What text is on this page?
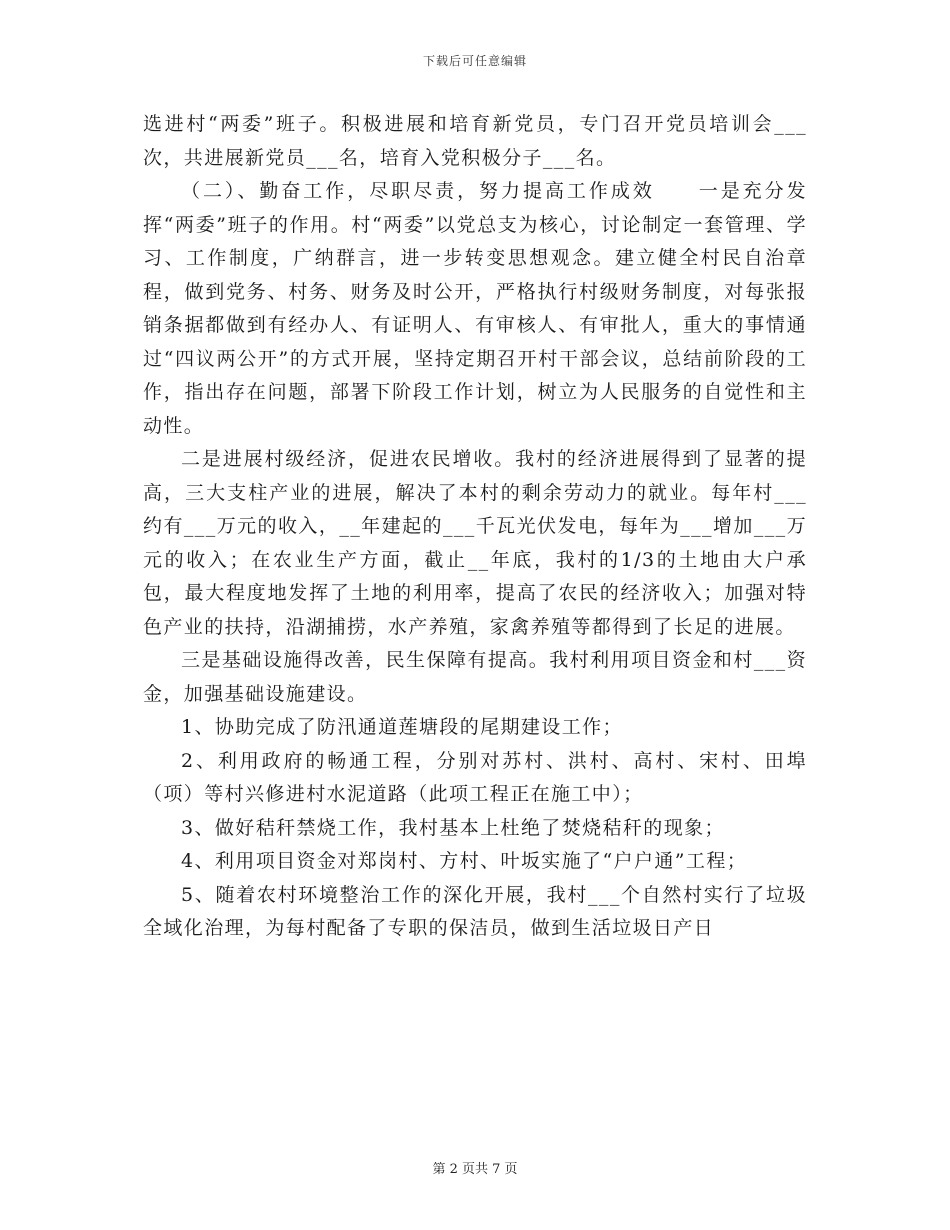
下载后可任意编辑

选进村“两委”班子。积极进展和培育新党员，专门召开党员培训会___次，共进展新党员___名，培育入党积极分子___名。

（二）、勤奋工作，尽职尽责，努力提高工作成效　　一是充分发挥“两委”班子的作用。村“两委”以党总支为核心，讨论制定一套管理、学习、工作制度，广纳群言，进一步转变思想观念。建立健全村民自治章程，做到党务、村务、财务及时公开，严格执行村级财务制度，对每张报销条据都做到有经办人、有证明人、有审核人、有审批人，重大的事情通过“四议两公开”的方式开展，坚持定期召开村干部会议，总结前阶段的工作，指出存在问题，部署下阶段工作计划，树立为人民服务的自觉性和主动性。

二是进展村级经济，促进农民增收。我村的经济进展得到了显著的提高，三大支柱产业的进展，解决了本村的剩余劳动力的就业。每年村___约有___万元的收入，__年建起的___千瓦光伏发电，每年为___增加___万元的收入；在农业生产方面，截止__年底，我村的1/3的土地由大户承包，最大程度地发挥了土地的利用率，提高了农民的经济收入；加强对特色产业的扶持，沿湖捕捞，水产养殖，家禽养殖等都得到了长足的进展。

三是基础设施得改善，民生保障有提高。我村利用项目资金和村___资金，加强基础设施建设。

1、协助完成了防汛通道莲塘段的尾期建设工作；

2、利用政府的畅通工程，分别对苏村、洪村、高村、宋村、田埠（项）等村兴修进村水泥道路（此项工程正在施工中）；

3、做好秸秆禁烧工作，我村基本上杜绝了焚烧秸秆的现象；

4、利用项目资金对郑岗村、方村、叶坂实施了“户户通”工程；

5、随着农村环境整治工作的深化开展，我村___个自然村实行了垃圾全域化治理，为每村配备了专职的保洁员，做到生活垃圾日产日

第 2 页共 7 页
